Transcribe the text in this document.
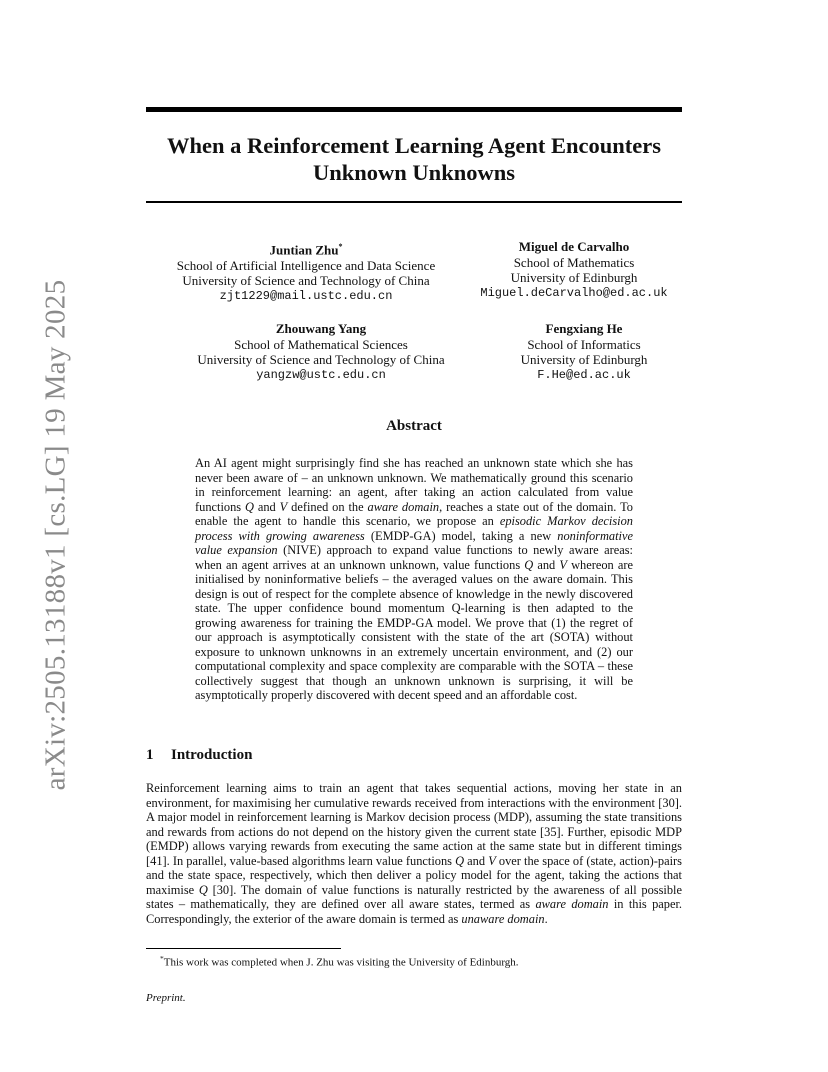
arXiv:2505.13188v1 [cs.LG] 19 May 2025
When a Reinforcement Learning Agent Encounters
Unknown Unknowns
Juntian Zhu*
School of Artificial Intelligence and Data Science
University of Science and Technology of China
zjt1229@mail.ustc.edu.cn
Miguel de Carvalho
School of Mathematics
University of Edinburgh
Miguel.deCarvalho@ed.ac.uk
Zhouwang Yang
School of Mathematical Sciences
University of Science and Technology of China
yangzw@ustc.edu.cn
Fengxiang He
School of Informatics
University of Edinburgh
F.He@ed.ac.uk
Abstract

An AI agent might surprisingly find she has reached an unknown state which she has never been aware of – an unknown unknown. We mathematically ground this scenario in reinforcement learning: an agent, after taking an action calculated from value functions Q and V defined on the aware domain, reaches a state out of the domain. To enable the agent to handle this scenario, we propose an episodic Markov decision process with growing awareness (EMDP-GA) model, taking a new noninformative value expansion (NIVE) approach to expand value functions to newly aware areas: when an agent arrives at an unknown unknown, value functions Q and V whereon are initialised by noninformative beliefs – the averaged values on the aware domain. This design is out of respect for the complete absence of knowledge in the newly discovered state. The upper confidence bound momentum Q-learning is then adapted to the growing awareness for training the EMDP-GA model. We prove that (1) the regret of our approach is asymptotically consistent with the state of the art (SOTA) without exposure to unknown unknowns in an extremely uncertain environment, and (2) our computational complexity and space complexity are comparable with the SOTA – these collectively suggest that though an unknown unknown is surprising, it will be asymptotically properly discovered with decent speed and an affordable cost.

1 Introduction

Reinforcement learning aims to train an agent that takes sequential actions, moving her state in an environment, for maximising her cumulative rewards received from interactions with the environment [30]. A major model in reinforcement learning is Markov decision process (MDP), assuming the state transitions and rewards from actions do not depend on the history given the current state [35]. Further, episodic MDP (EMDP) allows varying rewards from executing the same action at the same state but in different timings [41]. In parallel, value-based algorithms learn value functions Q and V over the space of (state, action)-pairs and the state space, respectively, which then deliver a policy model for the agent, taking the actions that maximise Q [30]. The domain of value functions is naturally restricted by the awareness of all possible states – mathematically, they are defined over all aware states, termed as aware domain in this paper. Correspondingly, the exterior of the aware domain is termed as unaware domain.

*This work was completed when J. Zhu was visiting the University of Edinburgh.

Preprint.
